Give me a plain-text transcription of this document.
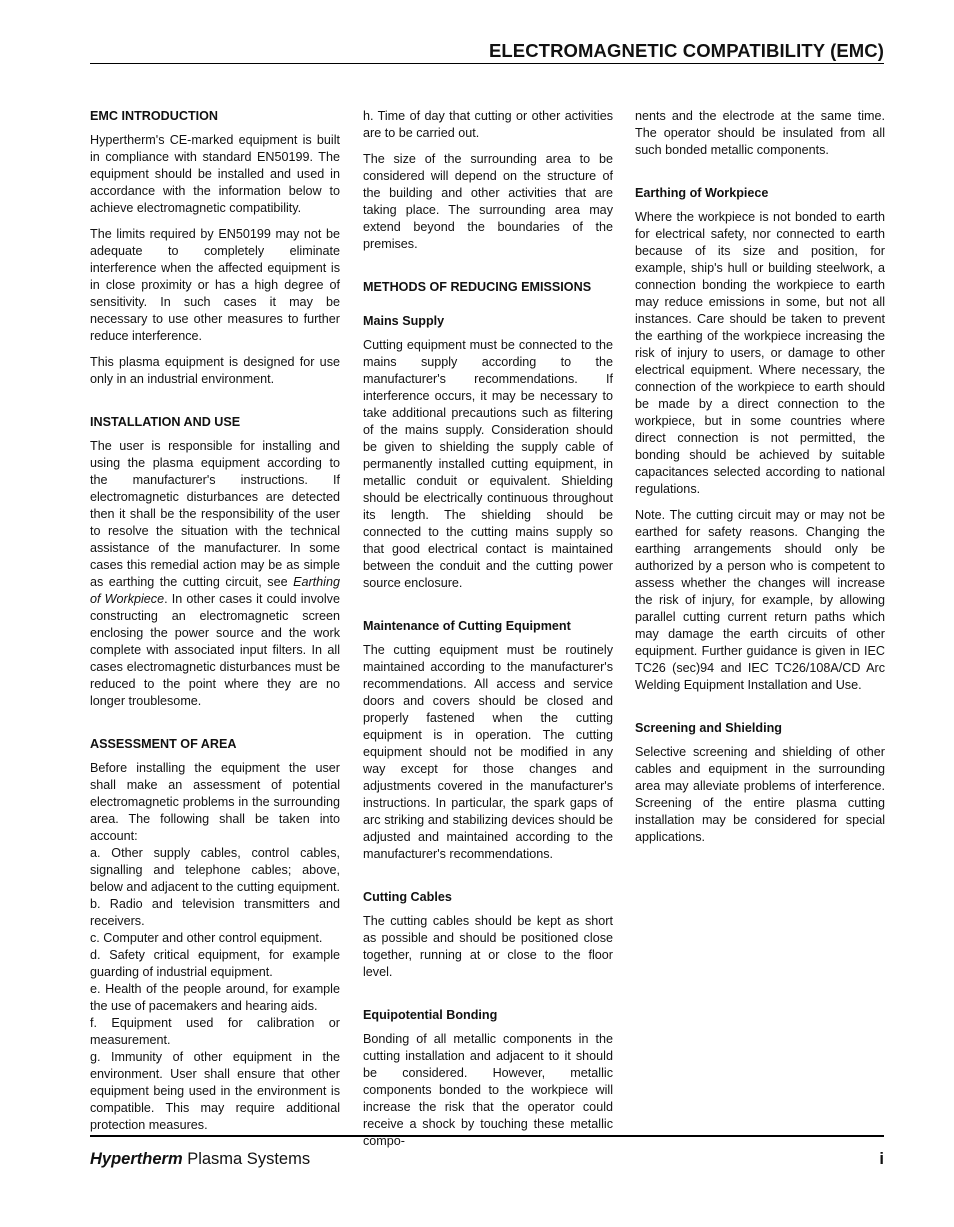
ELECTROMAGNETIC COMPATIBILITY (EMC)
EMC INTRODUCTION

Hypertherm's CE-marked equipment is built in compliance with standard EN50199. The equipment should be installed and used in accordance with the information below to achieve electromagnetic compatibility.

The limits required by EN50199 may not be adequate to completely eliminate interference when the affected equipment is in close proximity or has a high degree of sensitivity. In such cases it may be necessary to use other measures to further reduce interference.

This plasma equipment is designed for use only in an industrial environment.

INSTALLATION AND USE

The user is responsible for installing and using the plasma equipment according to the manufacturer's instructions. If electromagnetic disturbances are detected then it shall be the responsibility of the user to resolve the situation with the technical assistance of the manufacturer. In some cases this remedial action may be as simple as earthing the cutting circuit, see Earthing of Workpiece. In other cases it could involve constructing an electromagnetic screen enclosing the power source and the work complete with associated input filters. In all cases electromagnetic disturbances must be reduced to the point where they are no longer troublesome.

ASSESSMENT OF AREA

Before installing the equipment the user shall make an assessment of potential electromagnetic problems in the surrounding area. The following shall be taken into account:

a. Other supply cables, control cables, signalling and telephone cables; above, below and adjacent to the cutting equipment.
b. Radio and television transmitters and receivers.
c. Computer and other control equipment.
d. Safety critical equipment, for example guarding of industrial equipment.
e. Health of the people around, for example the use of pacemakers and hearing aids.
f. Equipment used for calibration or measurement.
g. Immunity of other equipment in the environment. User shall ensure that other equipment being used in the environment is compatible. This may require additional protection measures.

h. Time of day that cutting or other activities are to be carried out.

The size of the surrounding area to be considered will depend on the structure of the building and other activities that are taking place. The surrounding area may extend beyond the boundaries of the premises.

METHODS OF REDUCING EMISSIONS
Mains Supply

Cutting equipment must be connected to the mains supply according to the manufacturer's recommendations. If interference occurs, it may be necessary to take additional precautions such as filtering of the mains supply. Consideration should be given to shielding the supply cable of permanently installed cutting equipment, in metallic conduit or equivalent. Shielding should be electrically continuous throughout its length. The shielding should be connected to the cutting mains supply so that good electrical contact is maintained between the conduit and the cutting power source enclosure.

Maintenance of Cutting Equipment

The cutting equipment must be routinely maintained according to the manufacturer's recommendations. All access and service doors and covers should be closed and properly fastened when the cutting equipment is in operation. The cutting equipment should not be modified in any way except for those changes and adjustments covered in the manufacturer's instructions. In particular, the spark gaps of arc striking and stabilizing devices should be adjusted and maintained according to the manufacturer's recommendations.

Cutting Cables

The cutting cables should be kept as short as possible and should be positioned close together, running at or close to the floor level.

Equipotential Bonding

Bonding of all metallic components in the cutting installation and adjacent to it should be considered. However, metallic components bonded to the workpiece will increase the risk that the operator could receive a shock by touching these metallic compo-

nents and the electrode at the same time. The operator should be insulated from all such bonded metallic components.

Earthing of Workpiece

Where the workpiece is not bonded to earth for electrical safety, nor connected to earth because of its size and position, for example, ship's hull or building steelwork, a connection bonding the workpiece to earth may reduce emissions in some, but not all instances. Care should be taken to prevent the earthing of the workpiece increasing the risk of injury to users, or damage to other electrical equipment. Where necessary, the connection of the workpiece to earth should be made by a direct connection to the workpiece, but in some countries where direct connection is not permitted, the bonding should be achieved by suitable capacitances selected according to national regulations.

Note. The cutting circuit may or may not be earthed for safety reasons. Changing the earthing arrangements should only be authorized by a person who is competent to assess whether the changes will increase the risk of injury, for example, by allowing parallel cutting current return paths which may damage the earth circuits of other equipment. Further guidance is given in IEC TC26 (sec)94 and IEC TC26/108A/CD Arc Welding Equipment Installation and Use.

Screening and Shielding

Selective screening and shielding of other cables and equipment in the surrounding area may alleviate problems of interference. Screening of the entire plasma cutting installation may be considered for special applications.

Hypertherm Plasma Systems	i
